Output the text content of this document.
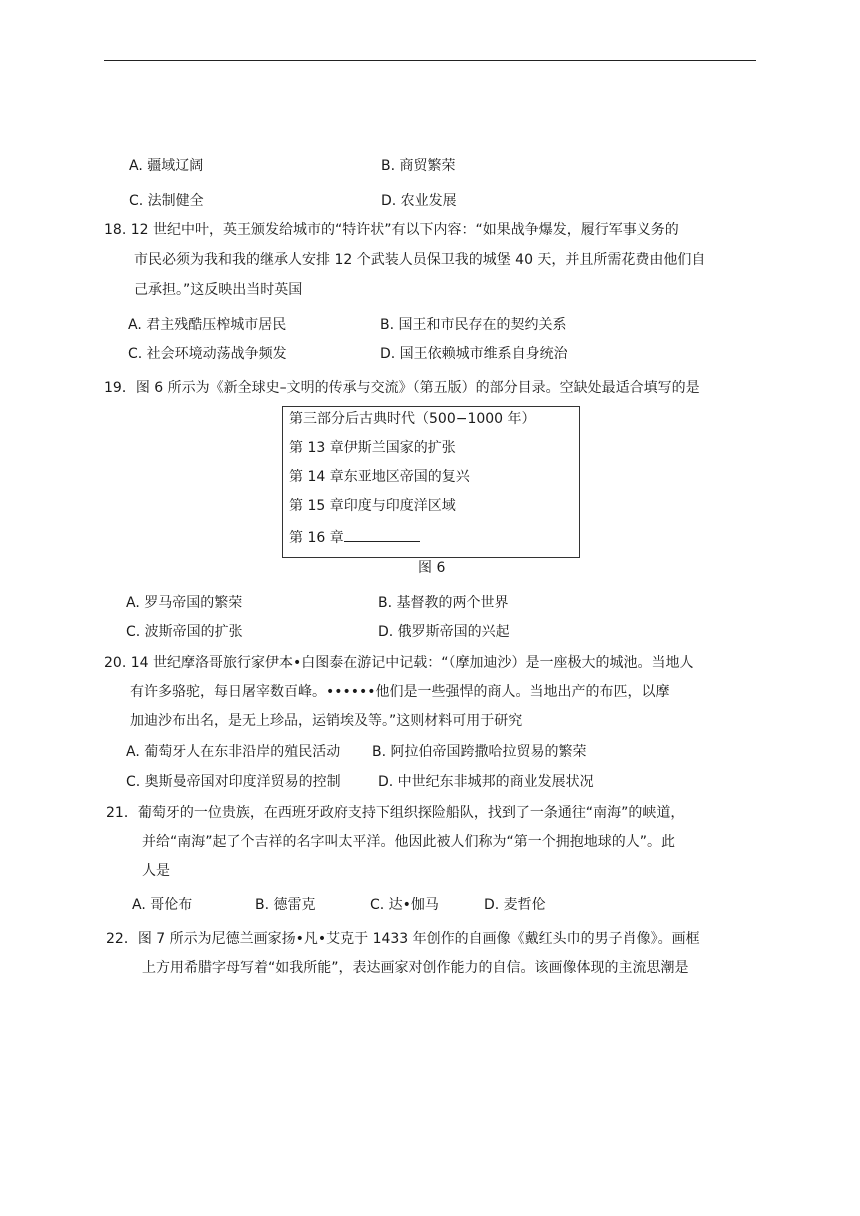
A. 疆域辽阔	B. 商贸繁荣
C. 法制健全	D. 农业发展
18. 12 世纪中叶，英王颁发给城市的“特许状”有以下内容：“如果战争爆发，履行军事义务的
市民必须为我和我的继承人安排 12 个武装人员保卫我的城堡 40 天，并且所需花费由他们自
己承担。”这反映出当时英国
A. 君主残酷压榨城市居民	B. 国王和市民存在的契约关系
C. 社会环境动荡战争频发	D. 国王依赖城市维系自身统治
19．图 6 所示为《新全球史–文明的传承与交流》（第五版）的部分目录。空缺处最适合填写的是
第三部分后古典时代（500−1000 年）
第 13 章伊斯兰国家的扩张
第 14 章东亚地区帝国的复兴
第 15 章印度与印度洋区域
第 16 章
图 6
A. 罗马帝国的繁荣	B. 基督教的两个世界
C. 波斯帝国的扩张	D. 俄罗斯帝国的兴起
20. 14 世纪摩洛哥旅行家伊本•白图泰在游记中记载：“（摩加迪沙）是一座极大的城池。当地人
有许多骆驼，每日屠宰数百峰。••••••他们是一些强悍的商人。当地出产的布匹，以摩
加迪沙布出名，是无上珍品，运销埃及等。”这则材料可用于研究
A. 葡萄牙人在东非沿岸的殖民活动 B. 阿拉伯帝国跨撒哈拉贸易的繁荣
C. 奥斯曼帝国对印度洋贸易的控制	D. 中世纪东非城邦的商业发展状况
21．葡萄牙的一位贵族，在西班牙政府支持下组织探险船队，找到了一条通往“南海”的峡道，
并给“南海”起了个吉祥的名字叫太平洋。他因此被人们称为“第一个拥抱地球的人”。此
人是
A. 哥伦布	B. 德雷克	C. 达•伽马	D. 麦哲伦
22．图 7 所示为尼德兰画家扬•凡•艾克于 1433 年创作的自画像《戴红头巾的男子肖像》。画框
上方用希腊字母写着“如我所能”，表达画家对创作能力的自信。该画像体现的主流思潮是
